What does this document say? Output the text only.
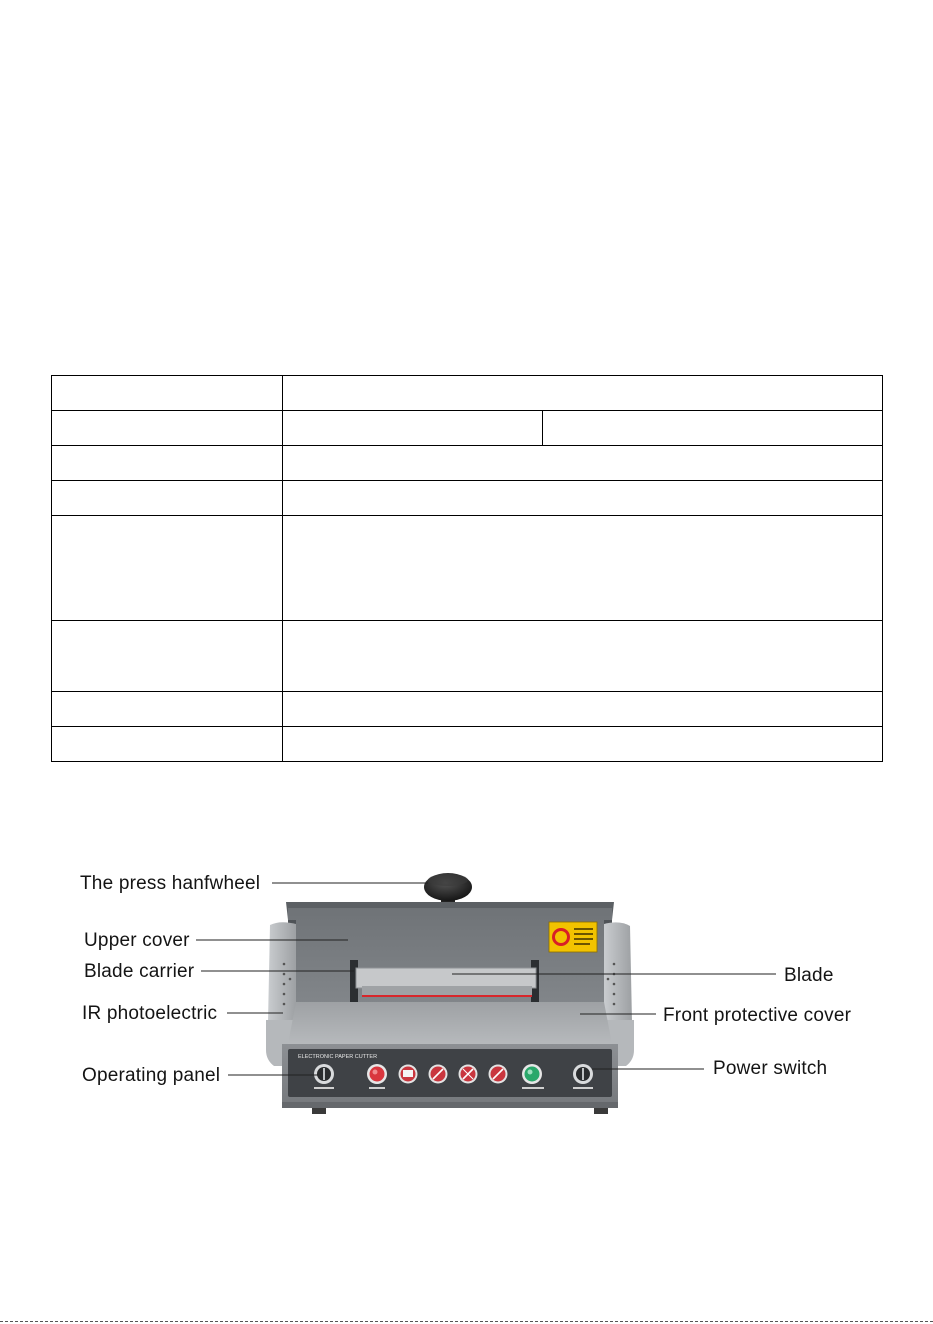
ELECTRONIC PAPER CUTTER
The press hanfwheel
Upper cover
Blade carrier
IR photoelectric
Operating panel
Blade
Front protective cover
Power switch
